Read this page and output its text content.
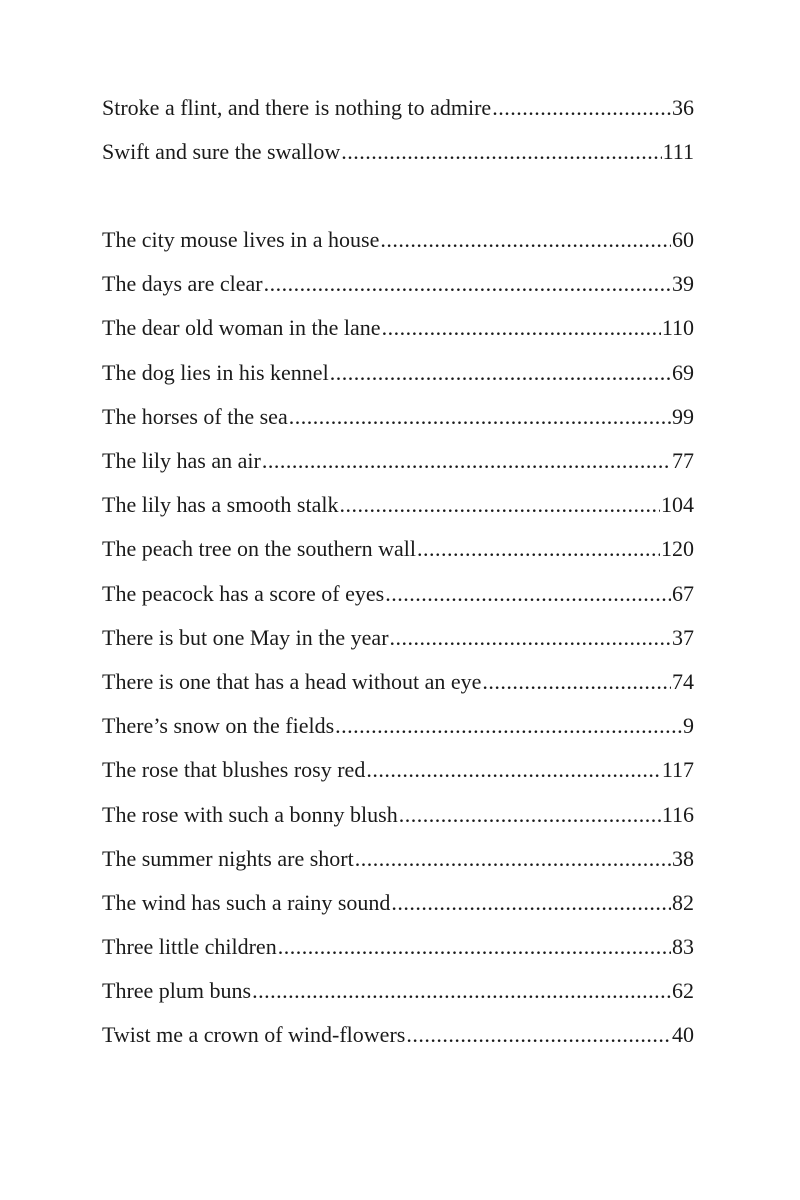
Stroke a flint, and there is nothing to admire .....	36
Swift and sure the swallow .....	111
The city mouse lives in a house .....	60
The days are clear .....	39
The dear old woman in the lane .....	110
The dog lies in his kennel .....	69
The horses of the sea .....	99
The lily has an air .....	77
The lily has a smooth stalk .....	104
The peach tree on the southern wall .....	120
The peacock has a score of eyes .....	67
There is but one May in the year .....	37
There is one that has a head without an eye .....	74
There’s snow on the fields .....	9
The rose that blushes rosy red .....	117
The rose with such a bonny blush .....	116
The summer nights are short .....	38
The wind has such a rainy sound .....	82
Three little children .....	83
Three plum buns .....	62
Twist me a crown of wind-flowers .....	40
